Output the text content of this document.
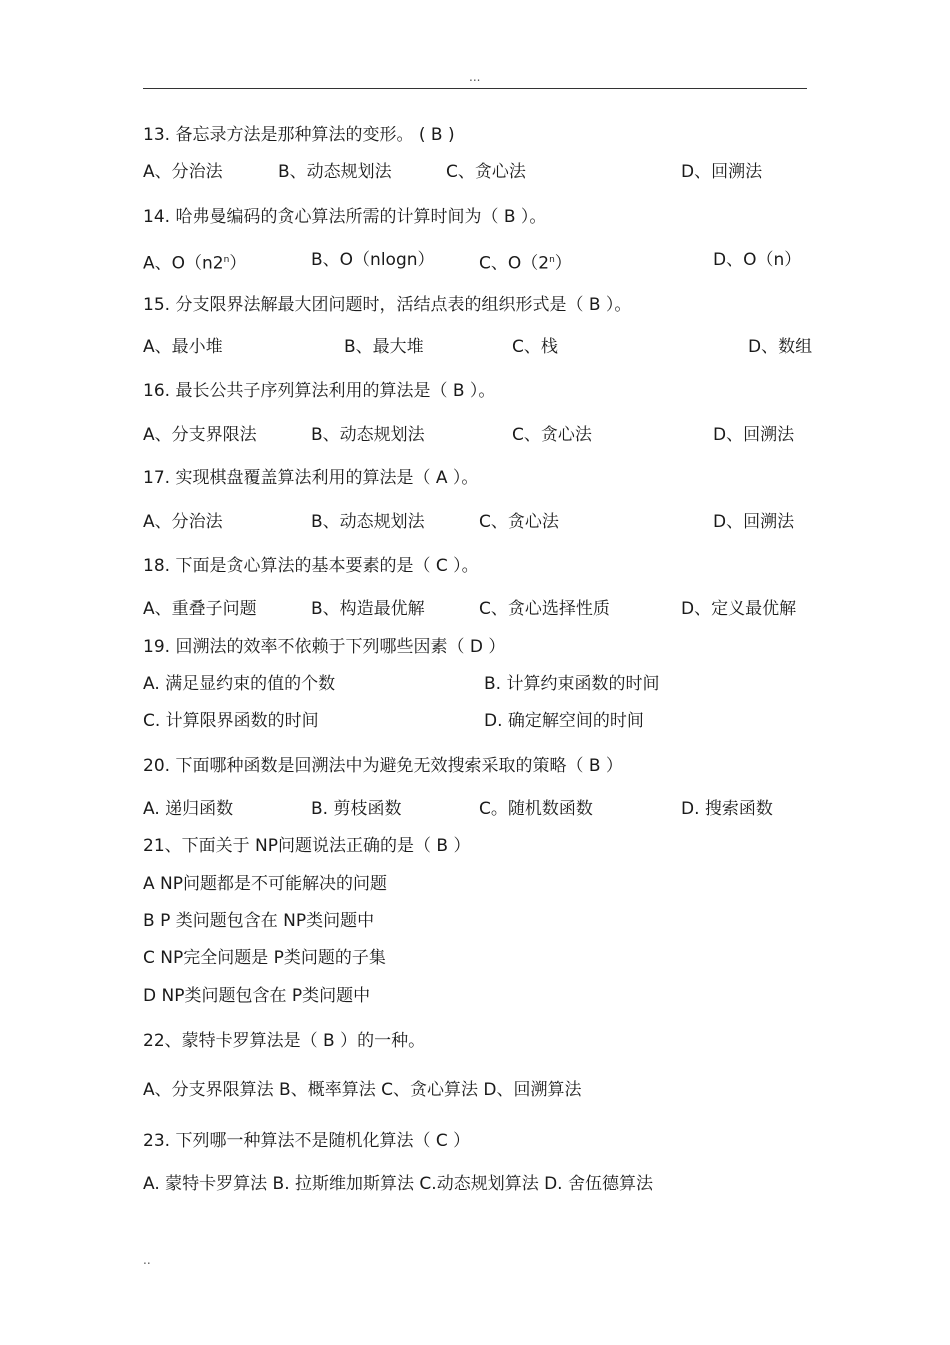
...
13. 备忘录方法是那种算法的变形。 ( B )
A、分治法	B、动态规划法	C、贪心法	D、回溯法
14. 哈弗曼编码的贪心算法所需的计算时间为（ B ）。
A、O（n2$^n$）	B、O（nlogn）	C、O（2$^n$）	D、O（n）
15. 分支限界法解最大团问题时，活结点表的组织形式是（ B ）。
A、最小堆	B、最大堆	C、栈	D、数组
16. 最长公共子序列算法利用的算法是（ B ）。
A、分支界限法	B、动态规划法	C、贪心法	D、回溯法
17. 实现棋盘覆盖算法利用的算法是（ A ）。
A、分治法	B、动态规划法	C、贪心法	D、回溯法
18. 下面是贪心算法的基本要素的是（ C ）。
A、重叠子问题	B、构造最优解	C、贪心选择性质	D、定义最优解
19. 回溯法的效率不依赖于下列哪些因素（ D ）
A. 满足显约束的值的个数	B. 计算约束函数的时间
C. 计算限界函数的时间	D. 确定解空间的时间
20. 下面哪种函数是回溯法中为避免无效搜索采取的策略（ B ）
A. 递归函数	B. 剪枝函数	C。随机数函数	D. 搜索函数
21、下面关于 NP问题说法正确的是（ B ）
A NP问题都是不可能解决的问题
B P 类问题包含在 NP类问题中
C NP完全问题是 P类问题的子集
D NP类问题包含在 P类问题中
22、蒙特卡罗算法是（ B ）的一种。
A、分支界限算法 B、概率算法 C、贪心算法 D、回溯算法
23. 下列哪一种算法不是随机化算法（ C ）
A. 蒙特卡罗算法 B. 拉斯维加斯算法 C.动态规划算法 D. 舍伍德算法
..
